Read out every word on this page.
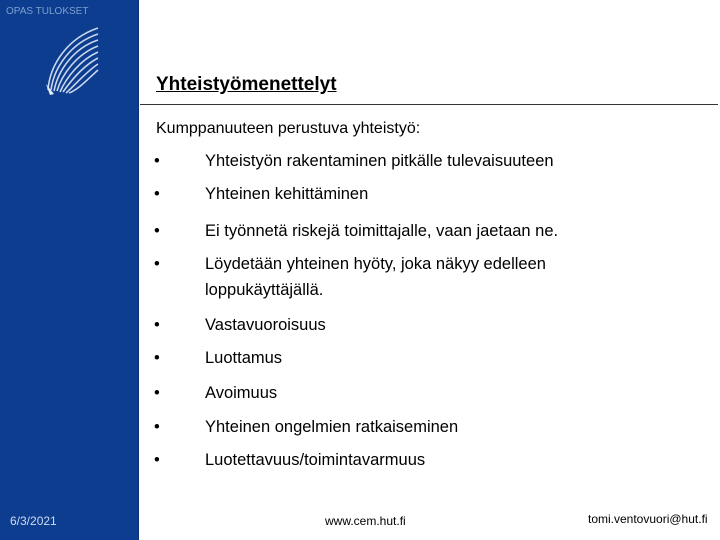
OPAS TULOKSET
6/3/2021
Yhteistyömenettelyt
Kumppanuuteen perustuva yhteistyö:
•	Yhteistyön rakentaminen pitkälle tulevaisuuteen
•	Yhteinen kehittäminen
•	Ei työnnetä riskejä toimittajalle, vaan jaetaan ne.
•	Löydetään yhteinen hyöty, joka näkyy edelleen
loppukäyttäjällä.
•	Vastavuoroisuus
•	Luottamus
•	Avoimuus
•	Yhteinen ongelmien ratkaiseminen
•	Luotettavuus/toimintavarmuus
www.cem.hut.fi	tomi.ventovuori@hut.fi
